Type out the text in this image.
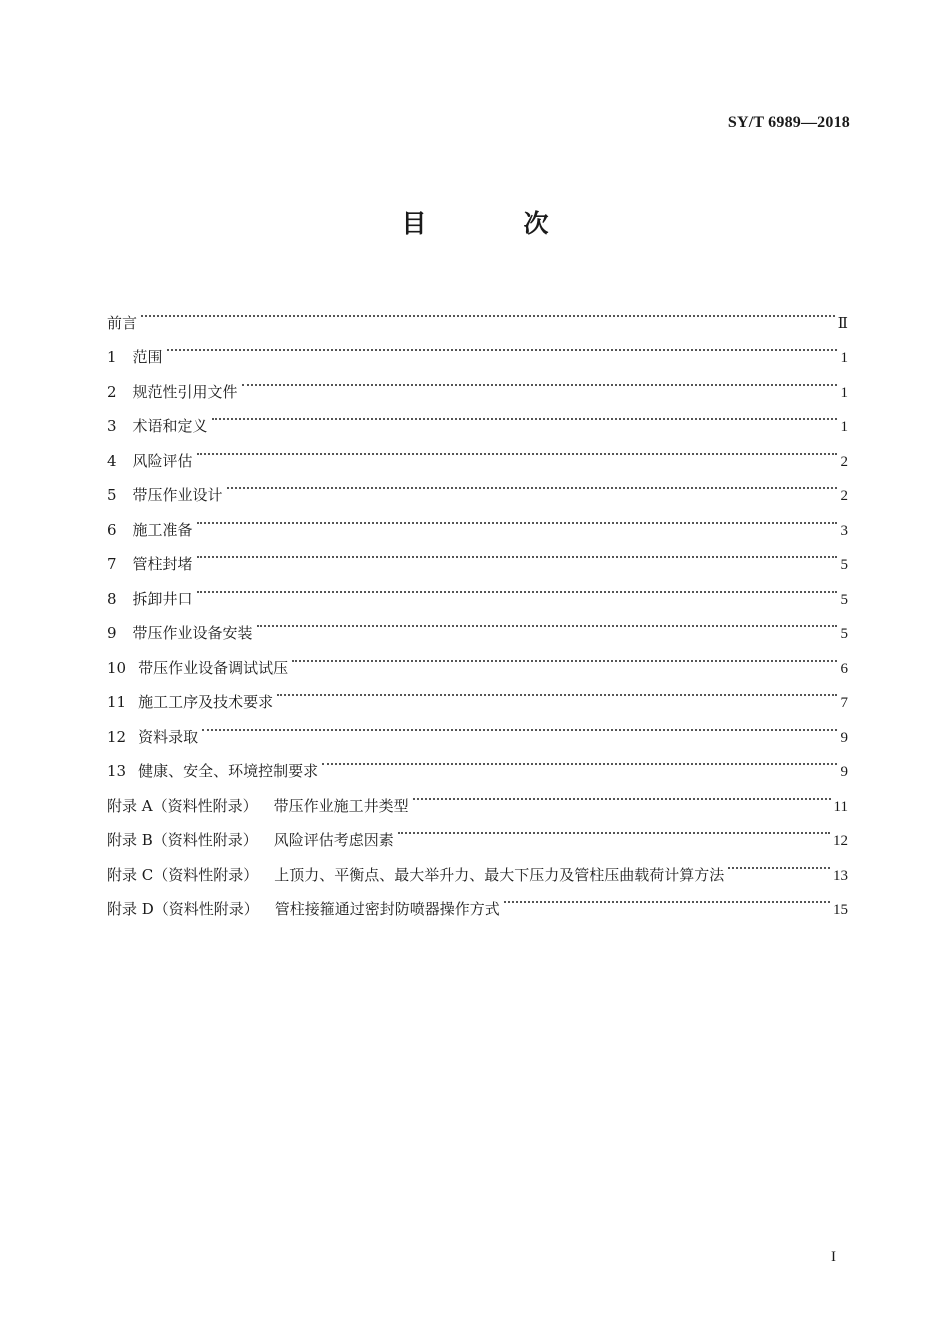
SY/T 6989—2018
目　次
前言	Ⅱ
1 范围	1
2 规范性引用文件	1
3 术语和定义	1
4 风险评估	2
5 带压作业设计	2
6 施工准备	3
7 管柱封堵	5
8 拆卸井口	5
9 带压作业设备安装	5
10 带压作业设备调试试压	6
11 施工工序及技术要求	7
12 资料录取	9
13 健康、安全、环境控制要求	9
附录 A（资料性附录） 带压作业施工井类型	11
附录 B（资料性附录） 风险评估考虑因素	12
附录 C（资料性附录） 上顶力、平衡点、最大举升力、最大下压力及管柱压曲载荷计算方法	13
附录 D（资料性附录） 管柱接箍通过密封防喷器操作方式	15
I
